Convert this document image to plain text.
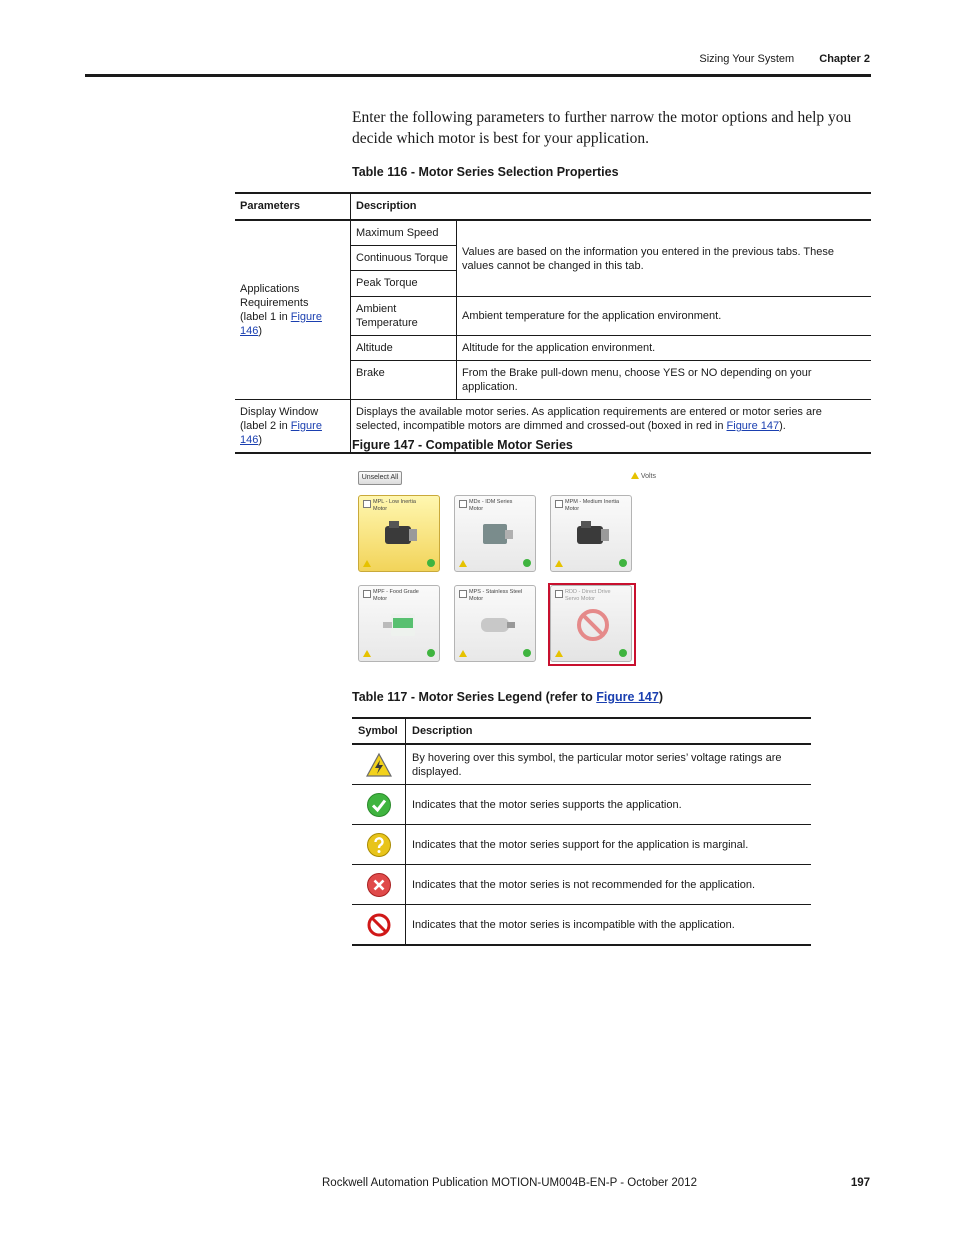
Sizing Your System Chapter 2
Enter the following parameters to further narrow the motor options and help you decide which motor is best for your application.
Table 116 - Motor Series Selection Properties
Parameters	Description	
Applications
Requirements
(label 1 in Figure 146)	Maximum Speed	Values are based on the information you entered in the previous tabs. These values cannot be changed in this tab.
	Continuous Torque	
	Peak Torque	
	Ambient
Temperature	Ambient temperature for the application environment.
	Altitude	Altitude for the application environment.
	Brake	From the Brake pull-down menu, choose YES or NO depending on your application.
Display Window
(label 2 in Figure 146)	Displays the available motor series. As application requirements are entered or motor series are selected, incompatible motors are dimmed and crossed-out (boxed in red in Figure 147).	
Figure 147 - Compatible Motor Series
Unselect All	Volts
MPL - Low Inertia
Motor
MDx - IDM Series
Motor
MPM - Medium Inertia
Motor
MPF - Food Grade
Motor
MPS - Stainless Steel
Motor
RDD - Direct Drive
Servo Motor
Table 117 - Motor Series Legend (refer to Figure 147)
Symbol	Description

	By hovering over this symbol, the particular motor series’ voltage ratings are displayed.

	Indicates that the motor series supports the application.

	Indicates that the motor series support for the application is marginal.

	Indicates that the motor series is not recommended for the application.

	Indicates that the motor series is incompatible with the application.
Rockwell Automation Publication MOTION-UM004B-EN-P - October 2012	197
